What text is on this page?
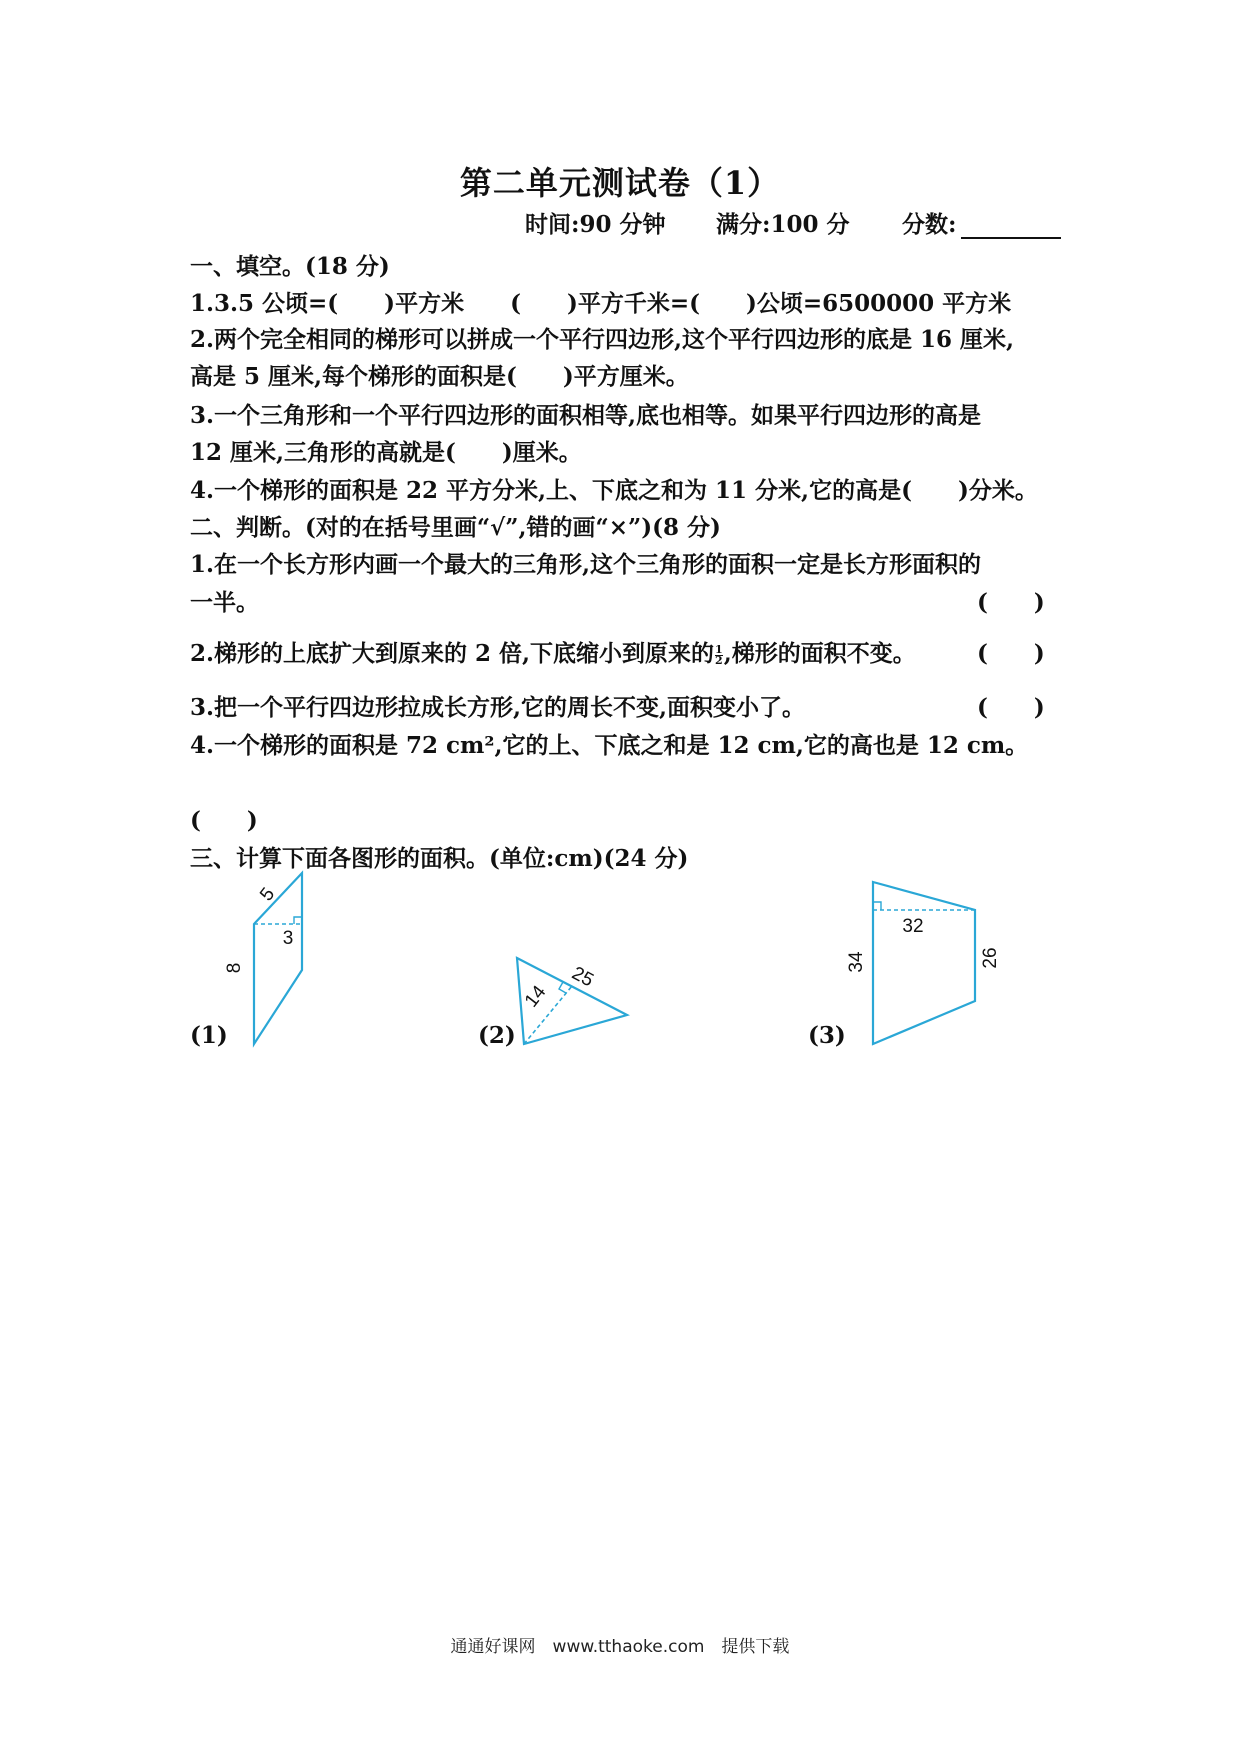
第二单元测试卷（1）
时间:90 分钟 满分:100 分 分数:
一、填空。(18 分)
1.3.5 公顷=(　　)平方米　　(　　)平方千米=(　　)公顷=6500000 平方米
2.两个完全相同的梯形可以拼成一个平行四边形,这个平行四边形的底是 16 厘米,
高是 5 厘米,每个梯形的面积是(　　)平方厘米。
3.一个三角形和一个平行四边形的面积相等,底也相等。如果平行四边形的高是
12 厘米,三角形的高就是(　　)厘米。
4.一个梯形的面积是 22 平方分米,上、下底之和为 11 分米,它的高是(　　)分米。
二、判断。(对的在括号里画“√”,错的画“×”)(8 分)
1.在一个长方形内画一个最大的三角形,这个三角形的面积一定是长方形面积的
一半。	(　　)
2.梯形的上底扩大到原来的 2 倍,下底缩小到原来的 $\frac{1}{2}$ ,梯形的面积不变。	(　　)
3.把一个平行四边形拉成长方形,它的周长不变,面积变小了。	(　　)
4.一个梯形的面积是 72 cm²,它的上、下底之和是 12 cm,它的高也是 12 cm。
(　　)
三、计算下面各图形的面积。(单位:cm)(24 分)
5
3
8	25
14
32
34	26
(1)	(2)	(3)
通通好课网　www.tthaoke.com　提供下载
